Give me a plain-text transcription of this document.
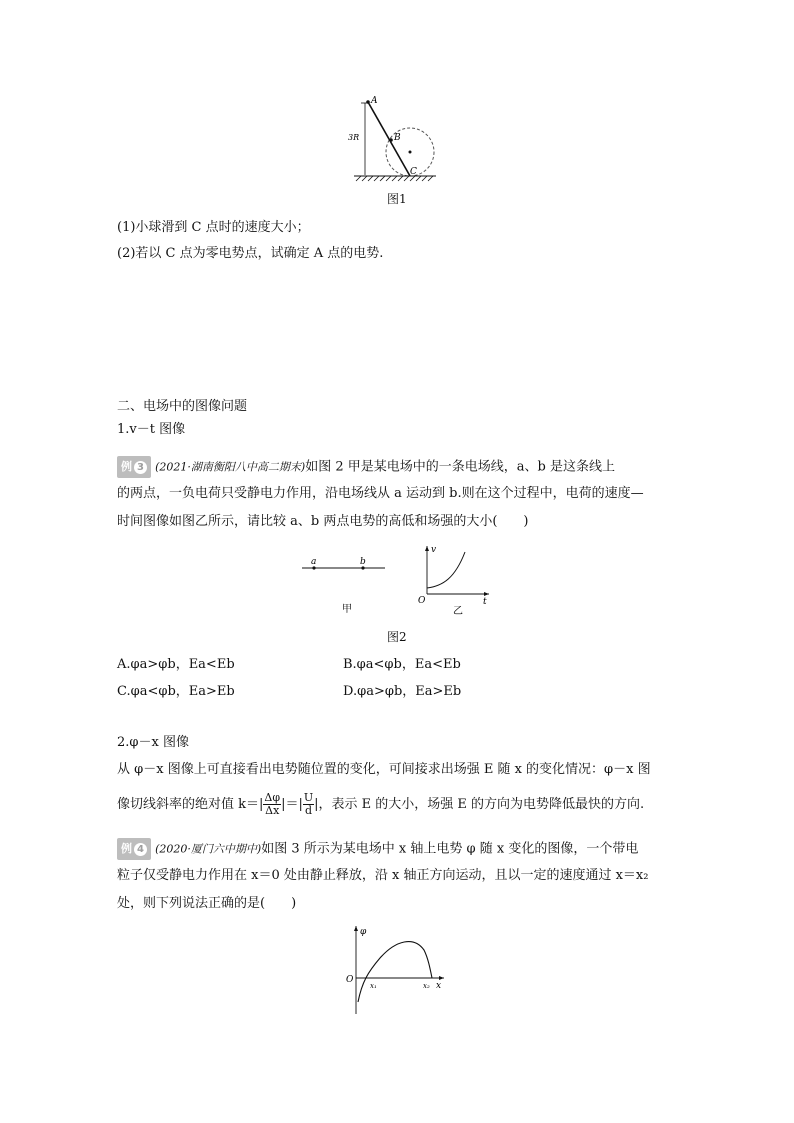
A
B
C
3R
图1
(1)小球滑到 C 点时的速度大小；
(2)若以 C 点为零电势点，试确定 A 点的电势.
二、电场中的图像问题
1.v－t 图像
例 3 (2021·湖南衡阳八中高二期末)如图 2 甲是某电场中的一条电场线，a、b 是这条线上
的两点，一负电荷只受静电力作用，沿电场线从 a 运动到 b.则在这个过程中，电荷的速度—
时间图像如图乙所示，请比较 a、b 两点电势的高低和场强的大小(　　)
a	b
甲
v
t
O
乙
图2
A.φa>φb，Ea<Eb	B.φa<φb，Ea<Eb
C.φa<φb，Ea>Eb	D.φa>φb，Ea>Eb
2.φ－x 图像
从 φ－x 图像上可直接看出电势随位置的变化，可间接求出场强 E 随 x 的变化情况：φ－x 图
像切线斜率的绝对值 $k=| \frac{\Delta\varphi}{\Delta x}$ |＝| $\frac{U}{d}$ |，表示 E 的大小，场强 E 的方向为电势降低最快的方向.
例 4 (2020·厦门六中期中)如图 3 所示为某电场中 x 轴上电势 φ 随 x 变化的图像，一个带电
粒子仅受静电力作用在 x＝0 处由静止释放，沿 x 轴正方向运动，且以一定的速度通过 x＝x₂
处，则下列说法正确的是(　　)
φ
O
x₁	x₂ x
